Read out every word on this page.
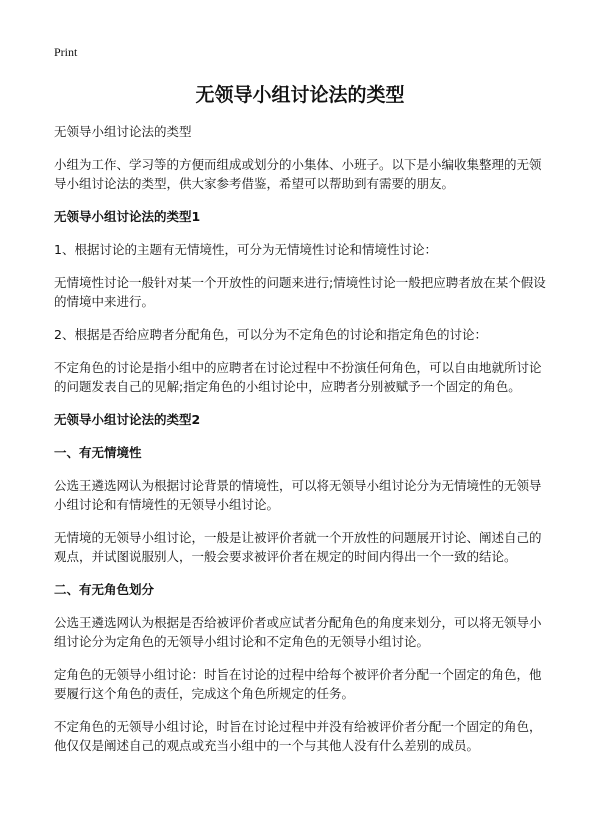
Print
无领导小组讨论法的类型
无领导小组讨论法的类型
小组为工作、学习等的方便而组成或划分的小集体、小班子。以下是小编收集整理的无领导小组讨论法的类型，供大家参考借鉴，希望可以帮助到有需要的朋友。
无领导小组讨论法的类型1
1、根据讨论的主题有无情境性，可分为无情境性讨论和情境性讨论：
无情境性讨论一般针对某一个开放性的问题来进行;情境性讨论一般把应聘者放在某个假设的情境中来进行。
2、根据是否给应聘者分配角色，可以分为不定角色的讨论和指定角色的讨论：
不定角色的讨论是指小组中的应聘者在讨论过程中不扮演任何角色，可以自由地就所讨论的问题发表自己的见解;指定角色的小组讨论中，应聘者分别被赋予一个固定的角色。
无领导小组讨论法的类型2
一、有无情境性
公选王遴选网认为根据讨论背景的情境性，可以将无领导小组讨论分为无情境性的无领导小组讨论和有情境性的无领导小组讨论。
无情境的无领导小组讨论，一般是让被评价者就一个开放性的问题展开讨论、阐述自己的观点，并试图说服别人，一般会要求被评价者在规定的时间内得出一个一致的结论。
二、有无角色划分
公选王遴选网认为根据是否给被评价者或应试者分配角色的角度来划分，可以将无领导小组讨论分为定角色的无领导小组讨论和不定角色的无领导小组讨论。
定角色的无领导小组讨论：时旨在讨论的过程中给每个被评价者分配一个固定的角色，他要履行这个角色的责任，完成这个角色所规定的任务。
不定角色的无领导小组讨论，时旨在讨论过程中并没有给被评价者分配一个固定的角色，他仅仅是阐述自己的观点或充当小组中的一个与其他人没有什么差别的成员。
